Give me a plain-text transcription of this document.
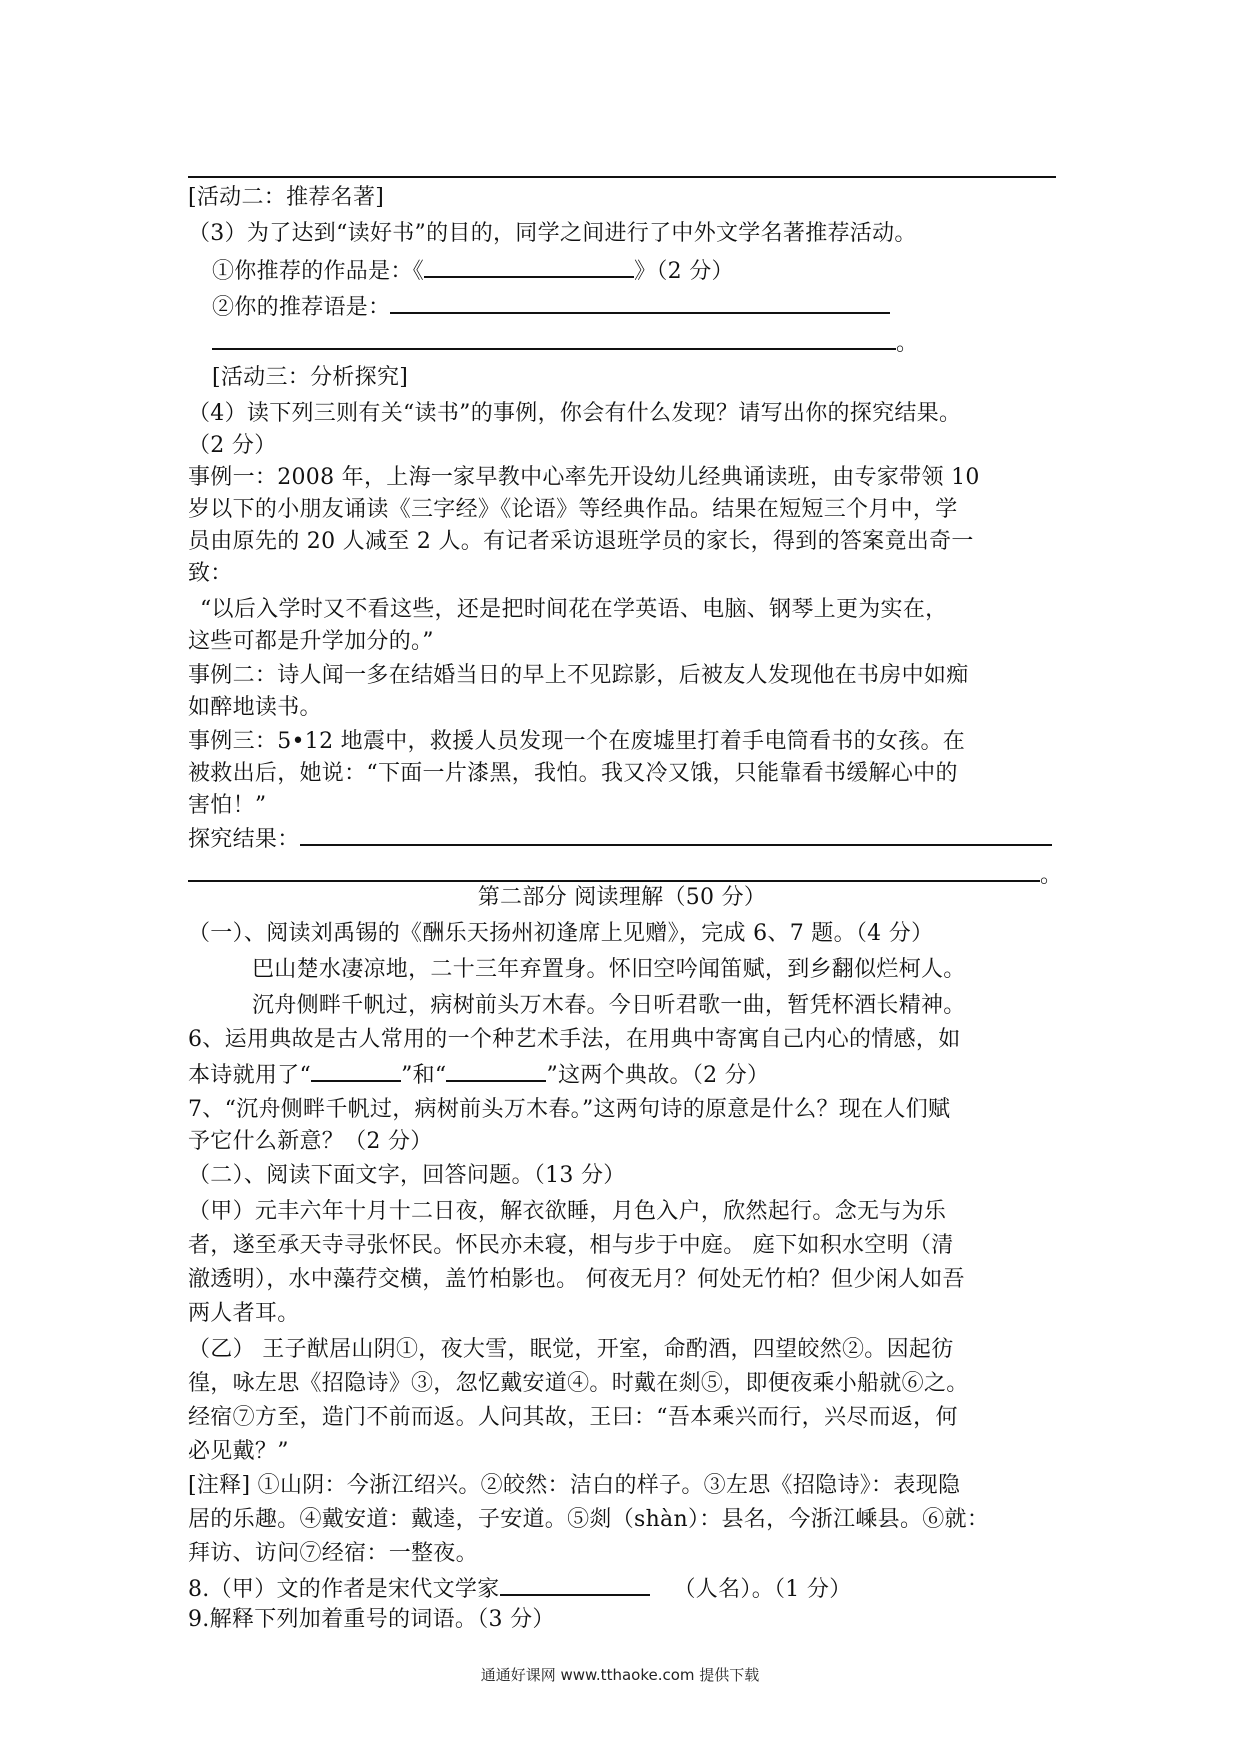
[活动二：推荐名著]
（3）为了达到“读好书”的目的，同学之间进行了中外文学名著推荐活动。
①你推荐的作品是：《	》（2 分）
②你的推荐语是：
。
[活动三：分析探究]
（4）读下列三则有关“读书”的事例，你会有什么发现？请写出你的探究结果。
（2 分）
事例一：2008 年，上海一家早教中心率先开设幼儿经典诵读班，由专家带领 10
岁以下的小朋友诵读《三字经》《论语》等经典作品。结果在短短三个月中，学
员由原先的 20 人减至 2 人。有记者采访退班学员的家长，得到的答案竟出奇一
致：
“以后入学时又不看这些，还是把时间花在学英语、电脑、钢琴上更为实在，
这些可都是升学加分的。”
事例二：诗人闻一多在结婚当日的早上不见踪影，后被友人发现他在书房中如痴
如醉地读书。
事例三：5•12 地震中，救援人员发现一个在废墟里打着手电筒看书的女孩。在
被救出后，她说：“下面一片漆黑，我怕。我又冷又饿，只能靠看书缓解心中的
害怕！”
探究结果：
。
第二部分 阅读理解（50 分）
（一）、阅读刘禹锡的《酬乐天扬州初逢席上见赠》，完成 6、7 题。（4 分）
巴山楚水凄凉地，二十三年弃置身。怀旧空吟闻笛赋，到乡翻似烂柯人。
沉舟侧畔千帆过，病树前头万木春。今日听君歌一曲，暂凭杯酒长精神。
6、运用典故是古人常用的一个种艺术手法，在用典中寄寓自己内心的情感，如
本诗就用了“	”和“	”这两个典故。（2 分）
7、“沉舟侧畔千帆过，病树前头万木春。”这两句诗的原意是什么？现在人们赋
予它什么新意？（2 分）
（二）、阅读下面文字，回答问题。（13 分）
（甲）元丰六年十月十二日夜，解衣欲睡，月色入户，欣然起行。念无与为乐
者，遂至承天寺寻张怀民。怀民亦未寝，相与步于中庭。 庭下如积水空明（清
澈透明），水中藻荇交横，盖竹柏影也。 何夜无月？何处无竹柏？但少闲人如吾
两人者耳。
（乙） 王子猷居山阴①，夜大雪，眠觉，开室，命酌酒，四望皎然②。因起彷
徨，咏左思《招隐诗》③，忽忆戴安道④。时戴在剡⑤，即便夜乘小船就⑥之。
经宿⑦方至，造门不前而返。人问其故，王曰：“吾本乘兴而行，兴尽而返，何
必见戴？”
[注释] ①山阴：今浙江绍兴。②皎然：洁白的样子。③左思《招隐诗》：表现隐
居的乐趣。④戴安道：戴逵，子安道。⑤剡（shàn）：县名，今浙江嵊县。⑥就：
拜访、访问⑦经宿：一整夜。
8.（甲）文的作者是宋代文学家	（人名）。（1 分）
9.解释下列加着重号的词语。（3 分）
通通好课网 www.tthaoke.com 提供下载
